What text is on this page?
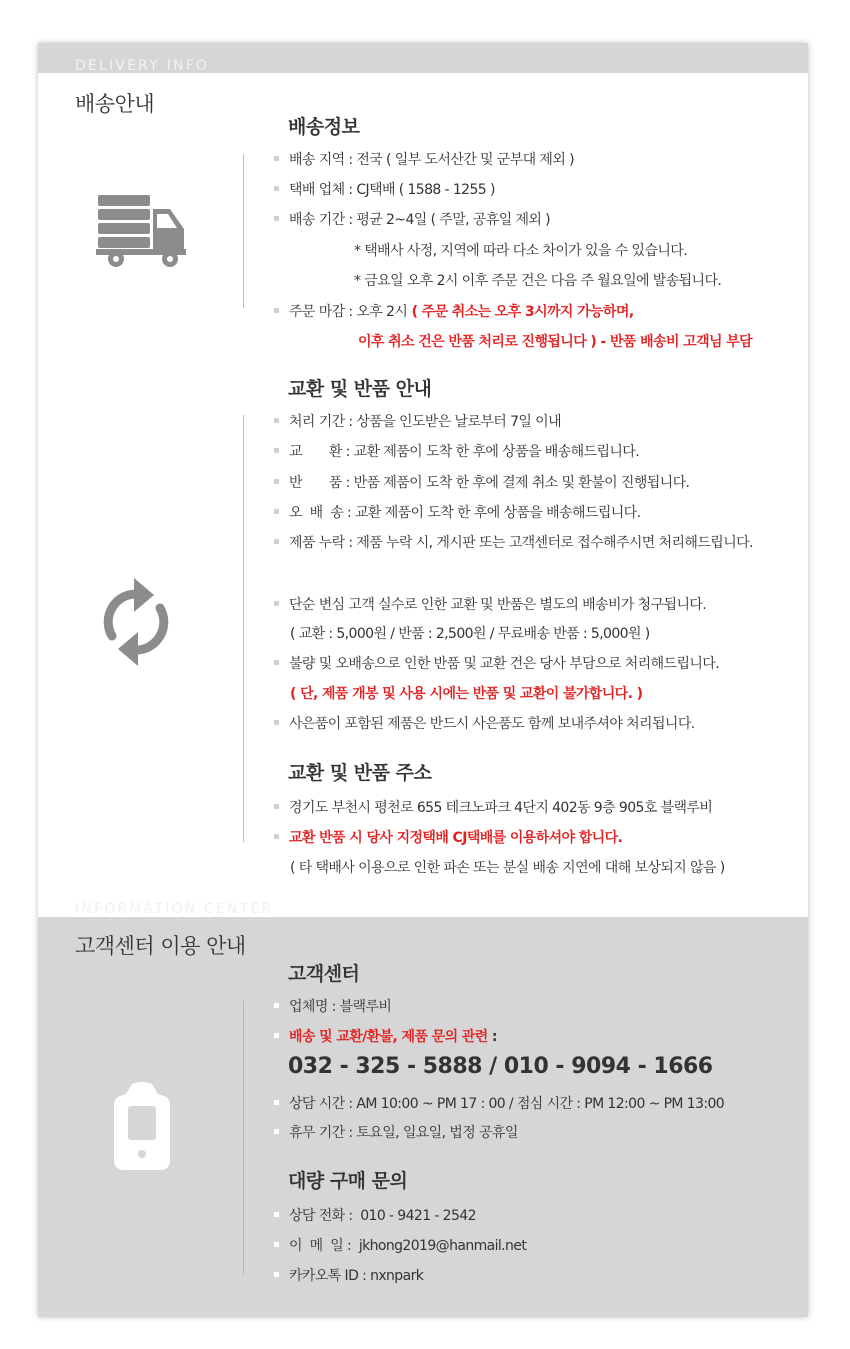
DELIVERY INFO
배송안내
배송정보
배송 지역 : 전국 ( 일부 도서산간 및 군부대 제외 )
택배 업체 : CJ택배 ( 1588 - 1255 )
배송 기간 : 평균 2~4일 ( 주말, 공휴일 제외 )
* 택배사 사정, 지역에 따라 다소 차이가 있을 수 있습니다.
* 금요일 오후 2시 이후 주문 건은 다음 주 월요일에 발송됩니다.
주문 마감 : 오후 2시 ( 주문 취소는 오후 3시까지 가능하며,
이후 취소 건은 반품 처리로 진행됩니다 ) - 반품 배송비 고객님 부담
교환 및 반품 안내
처리 기간 : 상품을 인도받은 날로부터 7일 이내
교       환 : 교환 제품이 도착 한 후에 상품을 배송해드립니다.
반       품 : 반품 제품이 도착 한 후에 결제 취소 및 환불이 진행됩니다.
오  배  송 : 교환 제품이 도착 한 후에 상품을 배송해드립니다.
제품 누락 : 제품 누락 시, 게시판 또는 고객센터로 접수해주시면 처리해드립니다.
단순 변심 고객 실수로 인한 교환 및 반품은 별도의 배송비가 청구됩니다.
( 교환 : 5,000원 / 반품 : 2,500원 / 무료배송 반품 : 5,000원 )
불량 및 오배송으로 인한 반품 및 교환 건은 당사 부담으로 처리해드립니다.
( 단, 제품 개봉 및 사용 시에는 반품 및 교환이 불가합니다. )
사은품이 포함된 제품은 반드시 사은품도 함께 보내주셔야 처리됩니다.
교환 및 반품 주소
경기도 부천시 평천로 655 테크노파크 4단지 402동 9층 905호 블랙루비
교환 반품 시 당사 지정택배 CJ택배를 이용하셔야 합니다.
( 타 택배사 이용으로 인한 파손 또는 분실 배송 지연에 대해 보상되지 않음 )
INFORMATION CENTER
고객센터 이용 안내
고객센터
업체명 : 블랙루비
배송 및 교환/환불, 제품 문의 관련 :
032 - 325 - 5888 / 010 - 9094 - 1666
상담 시간 : AM 10:00 ~ PM 17 : 00 / 점심 시간 : PM 12:00 ~ PM 13:00
휴무 기간 : 토요일, 일요일, 법정 공휴일
대량 구매 문의
상담 전화 :  010 - 9421 - 2542
이  메  일 :  jkhong2019@hanmail.net
카카오톡 ID : nxnpark
